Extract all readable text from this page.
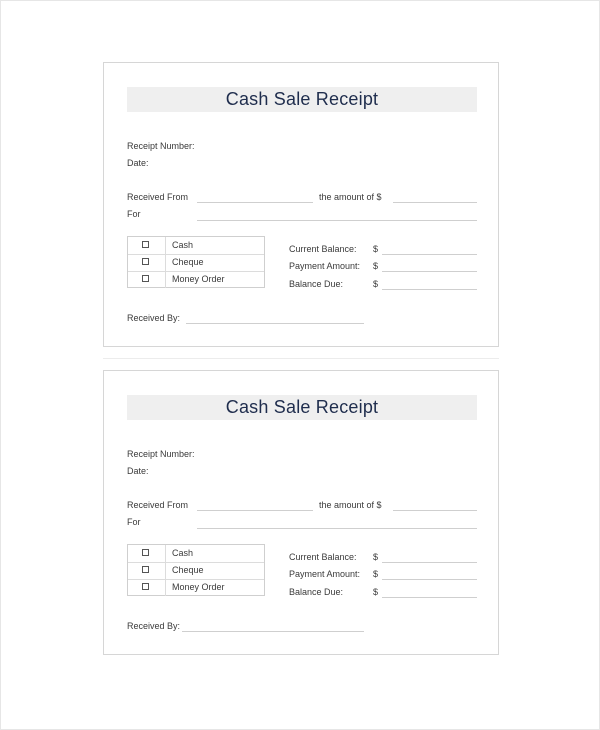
Cash Sale Receipt
Receipt Number:
Date:
Received From	the amount of $
For
Cash
Cheque
Money Order
Current Balance: $
Payment Amount: $
Balance Due:	$
Received By:
Cash Sale Receipt
Receipt Number:
Date:
Received From	the amount of $
For
Cash
Cheque
Money Order
Current Balance: $
Payment Amount: $
Balance Due:	$
Received By:
